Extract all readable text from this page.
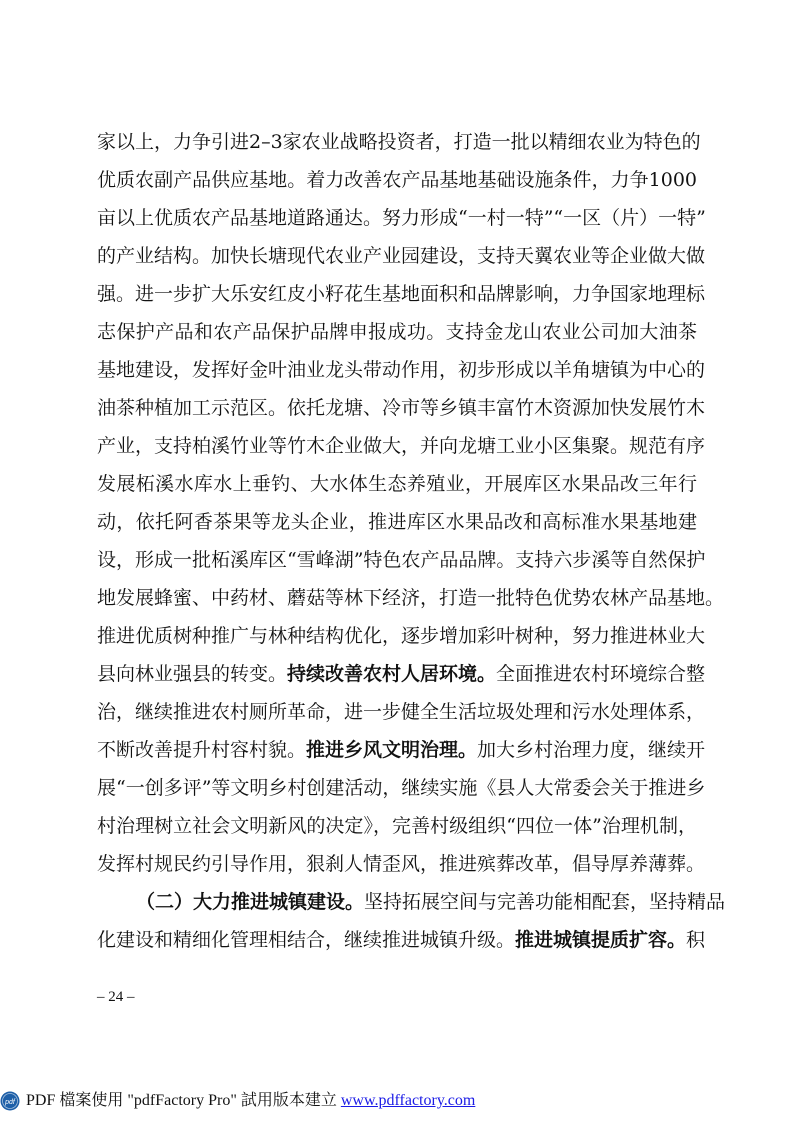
家以上，力争引进2–3家农业战略投资者，打造一批以精细农业为特色的
优质农副产品供应基地。着力改善农产品基地基础设施条件，力争1000
亩以上优质农产品基地道路通达。努力形成“一村一特”“一区（片）一特”
的产业结构。加快长塘现代农业产业园建设，支持天翼农业等企业做大做
强。进一步扩大乐安红皮小籽花生基地面积和品牌影响，力争国家地理标
志保护产品和农产品保护品牌申报成功。支持金龙山农业公司加大油茶
基地建设，发挥好金叶油业龙头带动作用，初步形成以羊角塘镇为中心的
油茶种植加工示范区。依托龙塘、冷市等乡镇丰富竹木资源加快发展竹木
产业，支持柏溪竹业等竹木企业做大，并向龙塘工业小区集聚。规范有序
发展柘溪水库水上垂钓、大水体生态养殖业，开展库区水果品改三年行
动，依托阿香茶果等龙头企业，推进库区水果品改和高标准水果基地建
设，形成一批柘溪库区“雪峰湖”特色农产品品牌。支持六步溪等自然保护
地发展蜂蜜、中药材、蘑菇等林下经济，打造一批特色优势农林产品基地。
推进优质树种推广与林种结构优化，逐步增加彩叶树种，努力推进林业大
县向林业强县的转变。持续改善农村人居环境。全面推进农村环境综合整
治，继续推进农村厕所革命，进一步健全生活垃圾处理和污水处理体系，
不断改善提升村容村貌。推进乡风文明治理。加大乡村治理力度，继续开
展“一创多评”等文明乡村创建活动，继续实施《县人大常委会关于推进乡
村治理树立社会文明新风的决定》，完善村级组织“四位一体”治理机制，
发挥村规民约引导作用，狠刹人情歪风，推进殡葬改革，倡导厚养薄葬。
（二）大力推进城镇建设。坚持拓展空间与完善功能相配套，坚持精品
化建设和精细化管理相结合，继续推进城镇升级。推进城镇提质扩容。积
– 24 –
pdf PDF 檔案使用 "pdfFactory Pro" 試用版本建立 www.pdffactory.com
